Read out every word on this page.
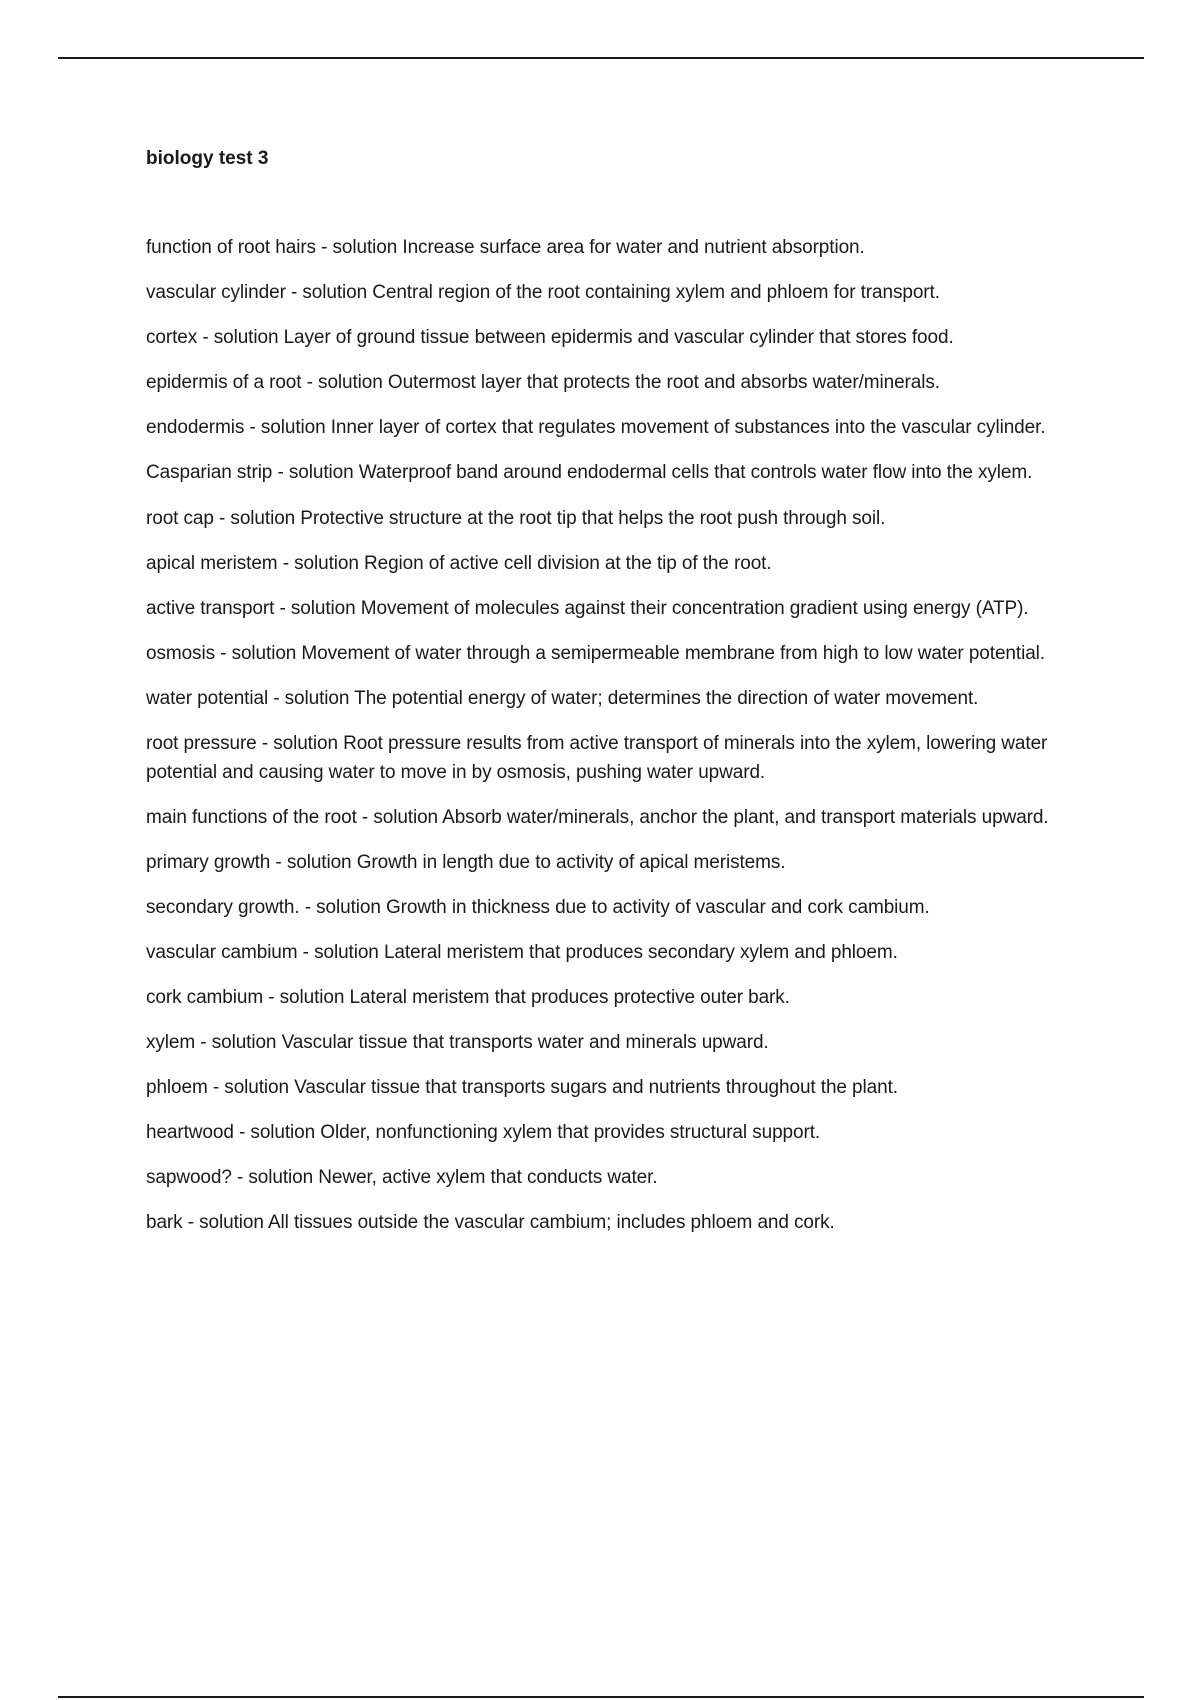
biology test 3
function of root hairs - solution Increase surface area for water and nutrient absorption.
vascular cylinder - solution Central region of the root containing xylem and phloem for transport.
cortex - solution Layer of ground tissue between epidermis and vascular cylinder that stores food.
epidermis of a root - solution Outermost layer that protects the root and absorbs water/minerals.
endodermis - solution Inner layer of cortex that regulates movement of substances into the vascular cylinder.
Casparian strip - solution Waterproof band around endodermal cells that controls water flow into the xylem.
root cap - solution Protective structure at the root tip that helps the root push through soil.
apical meristem - solution Region of active cell division at the tip of the root.
active transport - solution Movement of molecules against their concentration gradient using energy (ATP).
osmosis - solution Movement of water through a semipermeable membrane from high to low water potential.
water potential - solution The potential energy of water; determines the direction of water movement.
root pressure - solution Root pressure results from active transport of minerals into the xylem, lowering water potential and causing water to move in by osmosis, pushing water upward.
main functions of the root - solution Absorb water/minerals, anchor the plant, and transport materials upward.
primary growth - solution Growth in length due to activity of apical meristems.
secondary growth. - solution Growth in thickness due to activity of vascular and cork cambium.
vascular cambium - solution Lateral meristem that produces secondary xylem and phloem.
cork cambium - solution Lateral meristem that produces protective outer bark.
xylem - solution Vascular tissue that transports water and minerals upward.
phloem - solution Vascular tissue that transports sugars and nutrients throughout the plant.
heartwood - solution Older, nonfunctioning xylem that provides structural support.
sapwood? - solution Newer, active xylem that conducts water.
bark - solution All tissues outside the vascular cambium; includes phloem and cork.
